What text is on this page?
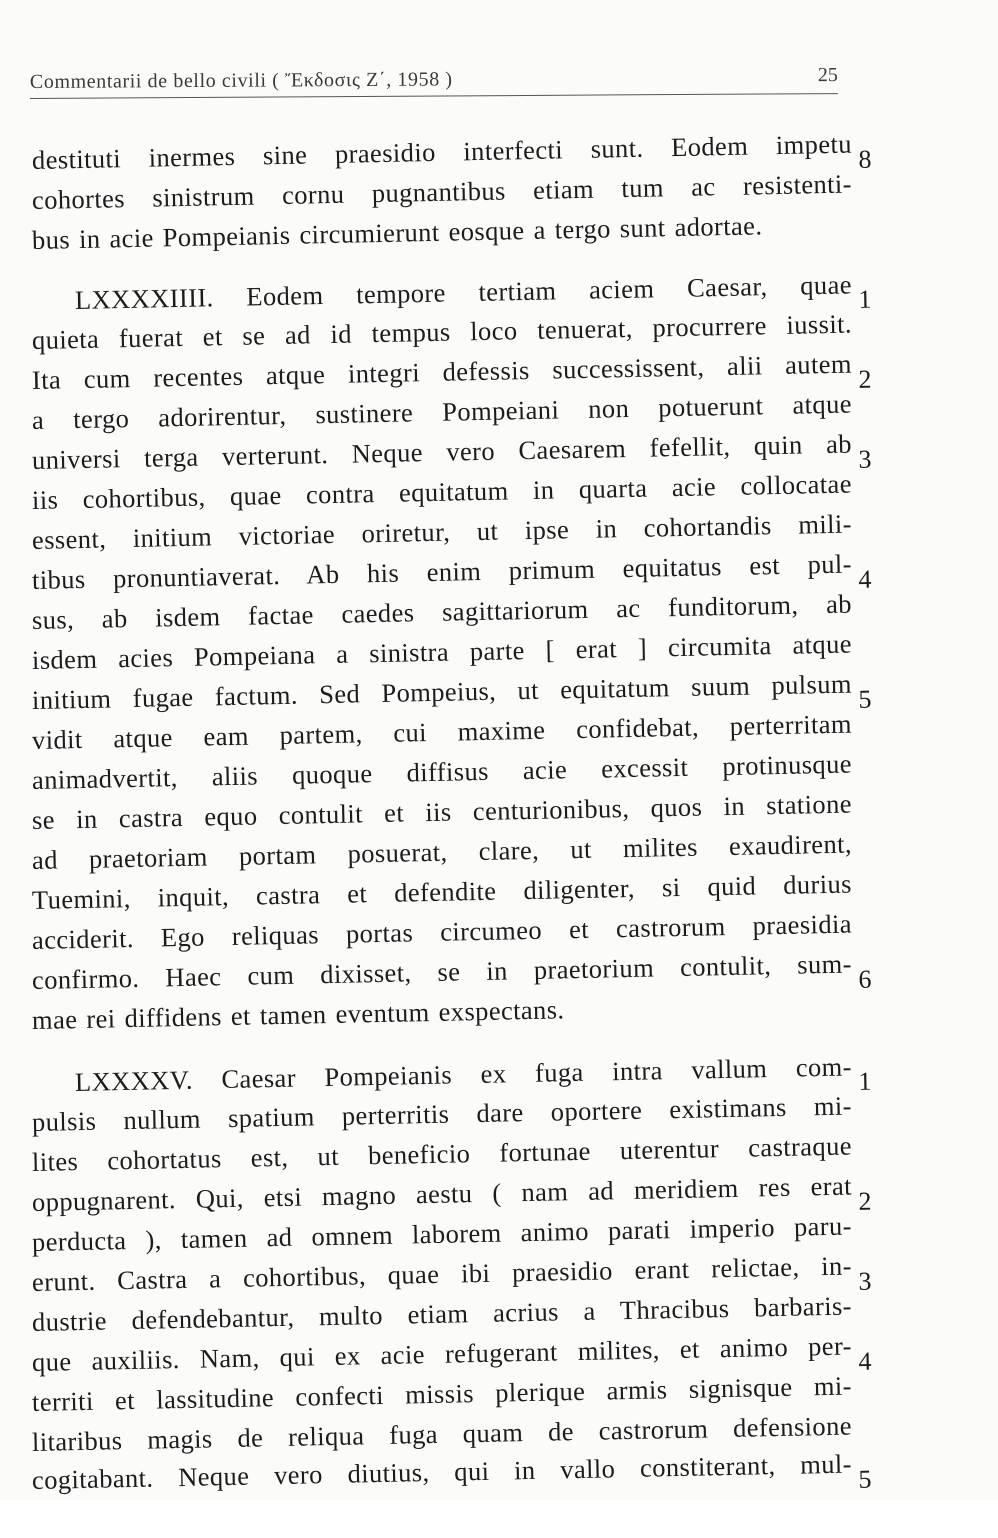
Commentarii de bello civili ( Ἔκδοσις Ζ΄, 1958 )	25
destituti inermes sine praesidio interfecti sunt. Eodem impetu
cohortes sinistrum cornu pugnantibus etiam tum ac resistenti-
bus in acie Pompeianis circumierunt eosque a tergo sunt adortae.
LXXXXIIII. Eodem tempore tertiam aciem Caesar, quae
quieta fuerat et se ad id tempus loco tenuerat, procurrere iussit.
Ita cum recentes atque integri defessis successissent, alii autem
a tergo adorirentur, sustinere Pompeiani non potuerunt atque
universi terga verterunt. Neque vero Caesarem fefellit, quin ab
iis cohortibus, quae contra equitatum in quarta acie collocatae
essent, initium victoriae oriretur, ut ipse in cohortandis mili-
tibus pronuntiaverat. Ab his enim primum equitatus est pul-
sus, ab isdem factae caedes sagittariorum ac funditorum, ab
isdem acies Pompeiana a sinistra parte [ erat ] circumita atque
initium fugae factum. Sed Pompeius, ut equitatum suum pulsum
vidit atque eam partem, cui maxime confidebat, perterritam
animadvertit, aliis quoque diffisus acie excessit protinusque
se in castra equo contulit et iis centurionibus, quos in statione
ad praetoriam portam posuerat, clare, ut milites exaudirent,
Tuemini, inquit, castra et defendite diligenter, si quid durius
acciderit. Ego reliquas portas circumeo et castrorum praesidia
confirmo. Haec cum dixisset, se in praetorium contulit, sum-
mae rei diffidens et tamen eventum exspectans.
LXXXXV. Caesar Pompeianis ex fuga intra vallum com-
pulsis nullum spatium perterritis dare oportere existimans mi-
lites cohortatus est, ut beneficio fortunae uterentur castraque
oppugnarent. Qui, etsi magno aestu ( nam ad meridiem res erat
perducta ), tamen ad omnem laborem animo parati imperio paru-
erunt. Castra a cohortibus, quae ibi praesidio erant relictae, in-
dustrie defendebantur, multo etiam acrius a Thracibus barbaris-
que auxiliis. Nam, qui ex acie refugerant milites, et animo per-
territi et lassitudine confecti missis plerique armis signisque mi-
litaribus magis de reliqua fuga quam de castrorum defensione
cogitabant. Neque vero diutius, qui in vallo constiterant, mul-
8
1
2
3
4
5
6
1
2
3
4
5
